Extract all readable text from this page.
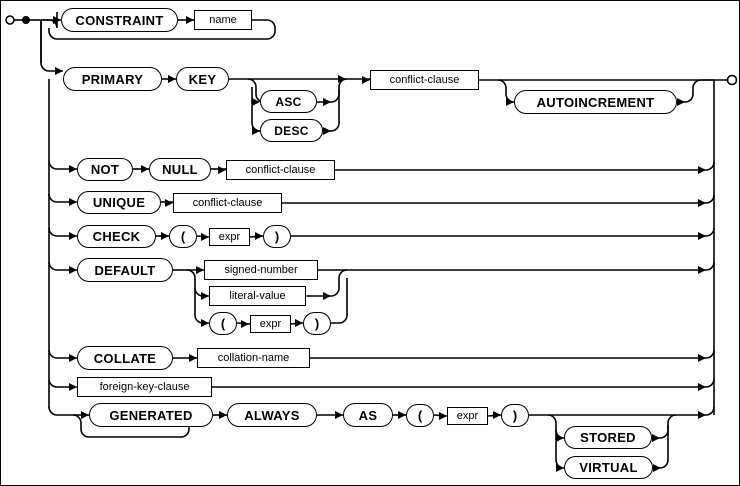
CONSTRAINT	name
PRIMARY	KEY
ASC
DESC
conflict-clause
AUTOINCREMENT
NOT	NULL	conflict-clause
UNIQUE	conflict-clause
CHECK	(	expr	)
DEFAULT	signed-number
literal-value
(	expr	)
COLLATE	collation-name
foreign-key-clause
GENERATED	ALWAYS	AS	(	expr	)
STORED
VIRTUAL
